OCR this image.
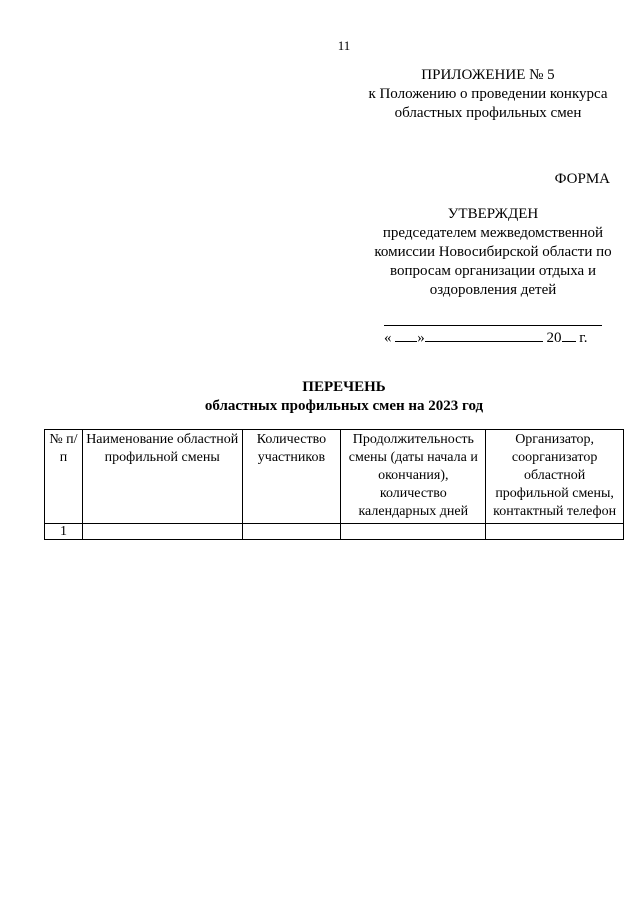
11
ПРИЛОЖЕНИЕ № 5
к Положению о проведении конкурса
областных профильных смен
ФОРМА
УТВЕРЖДЕН
председателем межведомственной
комиссии Новосибирской области по
вопросам организации отдыха и
оздоровления детей
« »	20 г.
ПЕРЕЧЕНЬ
областных профильных смен на 2023 год
№ п/п	Наименование областной профильной смены	Количество участников	Продолжительность смены (даты начала и окончания), количество календарных дней	Организатор, соорганизатор областной профильной смены, контактный телефон
1				
